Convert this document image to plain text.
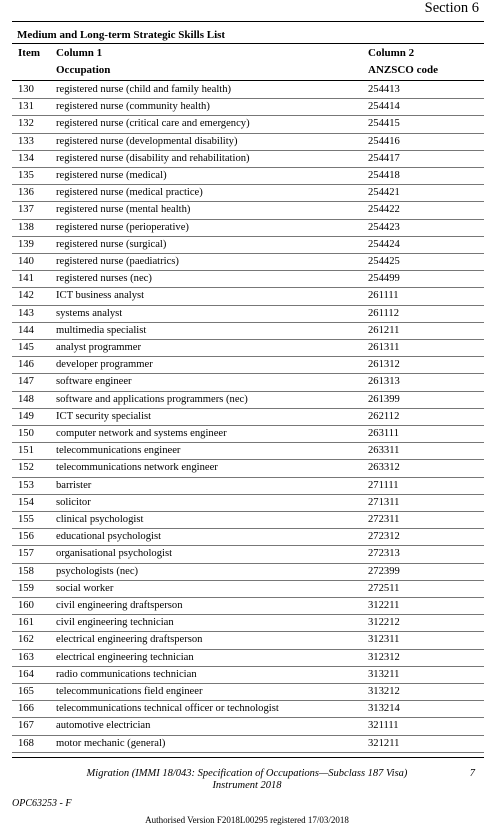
Section 6
Medium and Long-term Strategic Skills List
Item Column 1	Column 2
Occupation	ANZSCO code
130 registered nurse (child and family health)	254413
131 registered nurse (community health)	254414
132 registered nurse (critical care and emergency)	254415
133 registered nurse (developmental disability)	254416
134 registered nurse (disability and rehabilitation)	254417
135 registered nurse (medical)	254418
136 registered nurse (medical practice)	254421
137 registered nurse (mental health)	254422
138 registered nurse (perioperative)	254423
139 registered nurse (surgical)	254424
140 registered nurse (paediatrics)	254425
141 registered nurses (nec)	254499
142 ICT business analyst	261111
143 systems analyst	261112
144 multimedia specialist	261211
145 analyst programmer	261311
146 developer programmer	261312
147 software engineer	261313
148 software and applications programmers (nec)	261399
149 ICT security specialist	262112
150 computer network and systems engineer	263111
151 telecommunications engineer	263311
152 telecommunications network engineer	263312
153 barrister	271111
154 solicitor	271311
155 clinical psychologist	272311
156 educational psychologist	272312
157 organisational psychologist	272313
158 psychologists (nec)	272399
159 social worker	272511
160 civil engineering draftsperson	312211
161 civil engineering technician	312212
162 electrical engineering draftsperson	312311
163 electrical engineering technician	312312
164 radio communications technician	313211
165 telecommunications field engineer	313212
166 telecommunications technical officer or technologist	313214
167 automotive electrician	321111
168 motor mechanic (general)	321211
Migration (IMMI 18/043: Specification of Occupations—Subclass 187 Visa)
Instrument 2018
7
OPC63253 - F
Authorised Version F2018L00295 registered 17/03/2018
